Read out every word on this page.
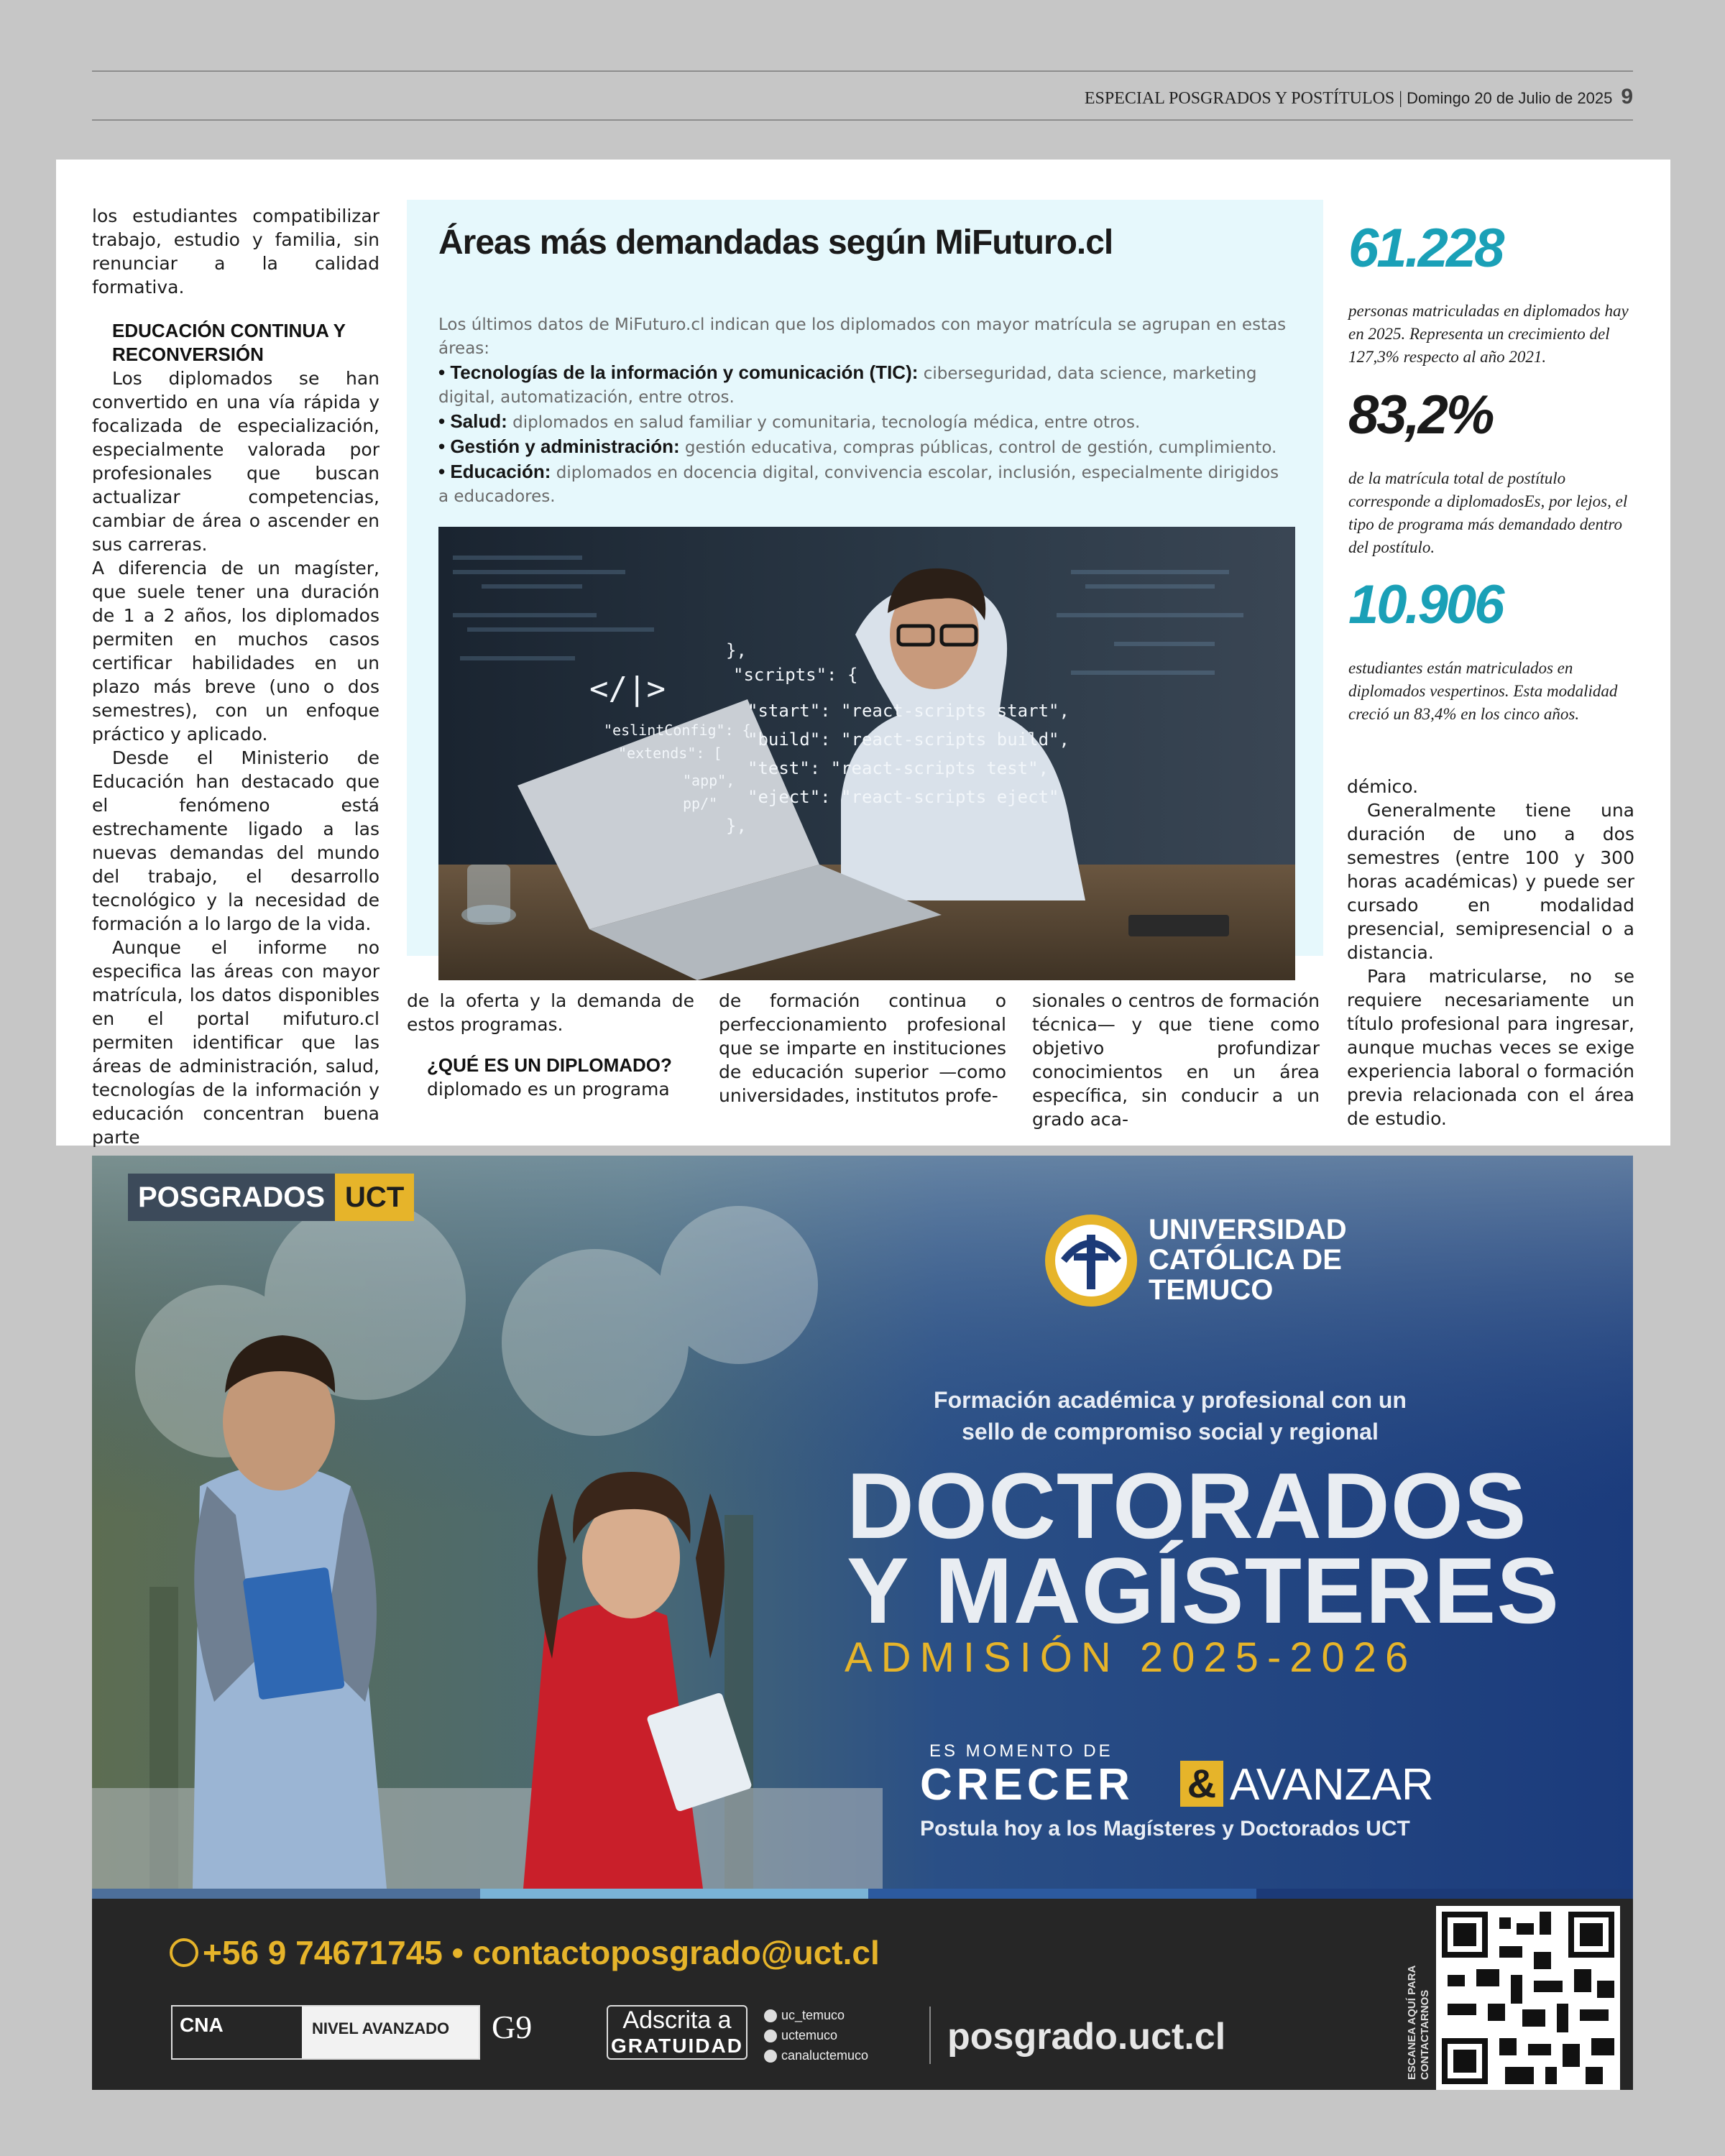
ESPECIAL POSGRADOS Y POSTÍTULOS | Domingo 20 de Julio de 2025 9

los estudiantes compatibilizar trabajo, estudio y familia, sin renunciar a la calidad formativa.

EDUCACIÓN CONTINUA Y RECONVERSIÓN

Los diplomados se han convertido en una vía rápida y focalizada de especialización, especialmente valorada por profesionales que buscan actualizar competencias, cambiar de área o ascender en sus carreras.

A diferencia de un magíster, que suele tener una duración de 1 a 2 años, los diplomados permiten en muchos casos certificar habilidades en un plazo más breve (uno o dos semestres), con un enfoque práctico y aplicado.

Desde el Ministerio de Educación han destacado que el fenómeno está estrechamente ligado a las nuevas demandas del mundo del trabajo, el desarrollo tecnológico y la necesidad de formación a lo largo de la vida.

Aunque el informe no especifica las áreas con mayor matrícula, los datos disponibles en el portal mifuturo.cl permiten identificar que las áreas de administración, salud, tecnologías de la información y educación concentran buena parte

de la oferta y la demanda de estos programas.

¿QUÉ ES UN DIPLOMADO?

diplomado es un programa

de formación continua o perfeccionamiento profesional que se imparte en instituciones de educación superior —como universidades, institutos profe-

sionales o centros de formación técnica— y que tiene como objetivo profundizar conocimientos en un área específica, sin conducir a un grado aca-

démico.

Generalmente tiene una duración de uno a dos semestres (entre 100 y 300 horas académicas) y puede ser cursado en modalidad presencial, semipresencial o a distancia.

Para matricularse, no se requiere necesariamente un título profesional para ingresar, aunque muchas veces se exige experiencia laboral o formación previa relacionada con el área de estudio.

Áreas más demandadas según MiFuturo.cl
Los últimos datos de MiFuturo.cl indican que los diplomados con mayor matrícula se agrupan en estas áreas:
• Tecnologías de la información y comunicación (TIC): ciberseguridad, data science, marketing digital, automatización, entre otros.
• Salud: diplomados en salud familiar y comunitaria, tecnología médica, entre otros.
• Gestión y administración: gestión educativa, compras públicas, control de gestión, cumplimiento.
• Educación: diplomados en docencia digital, convivencia escolar, inclusión, especialmente dirigidos a educadores.
},
</|>	"scripts": {
"eslintConfig": {
"extends": [
"app",
pp/"
"start": "react-scripts start",
"build": "react-scripts build",
"test": "react-scripts test",
"eject": "react-scripts eject"
},
61.228
personas matriculadas en diplomados hay en 2025. Representa un crecimiento del 127,3% respecto al año 2021.
83,2%
de la matrícula total de postítulo corresponde a diplomadosEs, por lejos, el tipo de programa más demandado dentro del postítulo.
10.906
estudiantes están matriculados en diplomados vespertinos. Esta modalidad creció un 83,4% en los cinco años.
POSGRADOS UCT
UNIVERSIDAD
CATÓLICA DE
TEMUCO
Formación académica y profesional con un
sello de compromiso social y regional
DOCTORADOS
Y MAGÍSTERES
ADMISIÓN 2025-2026
ES MOMENTO DE
CRECER & AVANZAR
Postula hoy a los Magísteres y Doctorados UCT
+56 9 74671745 • contactoposgrado@uct.cl
CNA	NIVEL AVANZADO G9	Adscrita a
GRATUIDAD
uc_temuco
uctemuco
canaluctemuco posgrado.uct.cl	ESCANEA AQUÍ PARA CONTACTARNOS
